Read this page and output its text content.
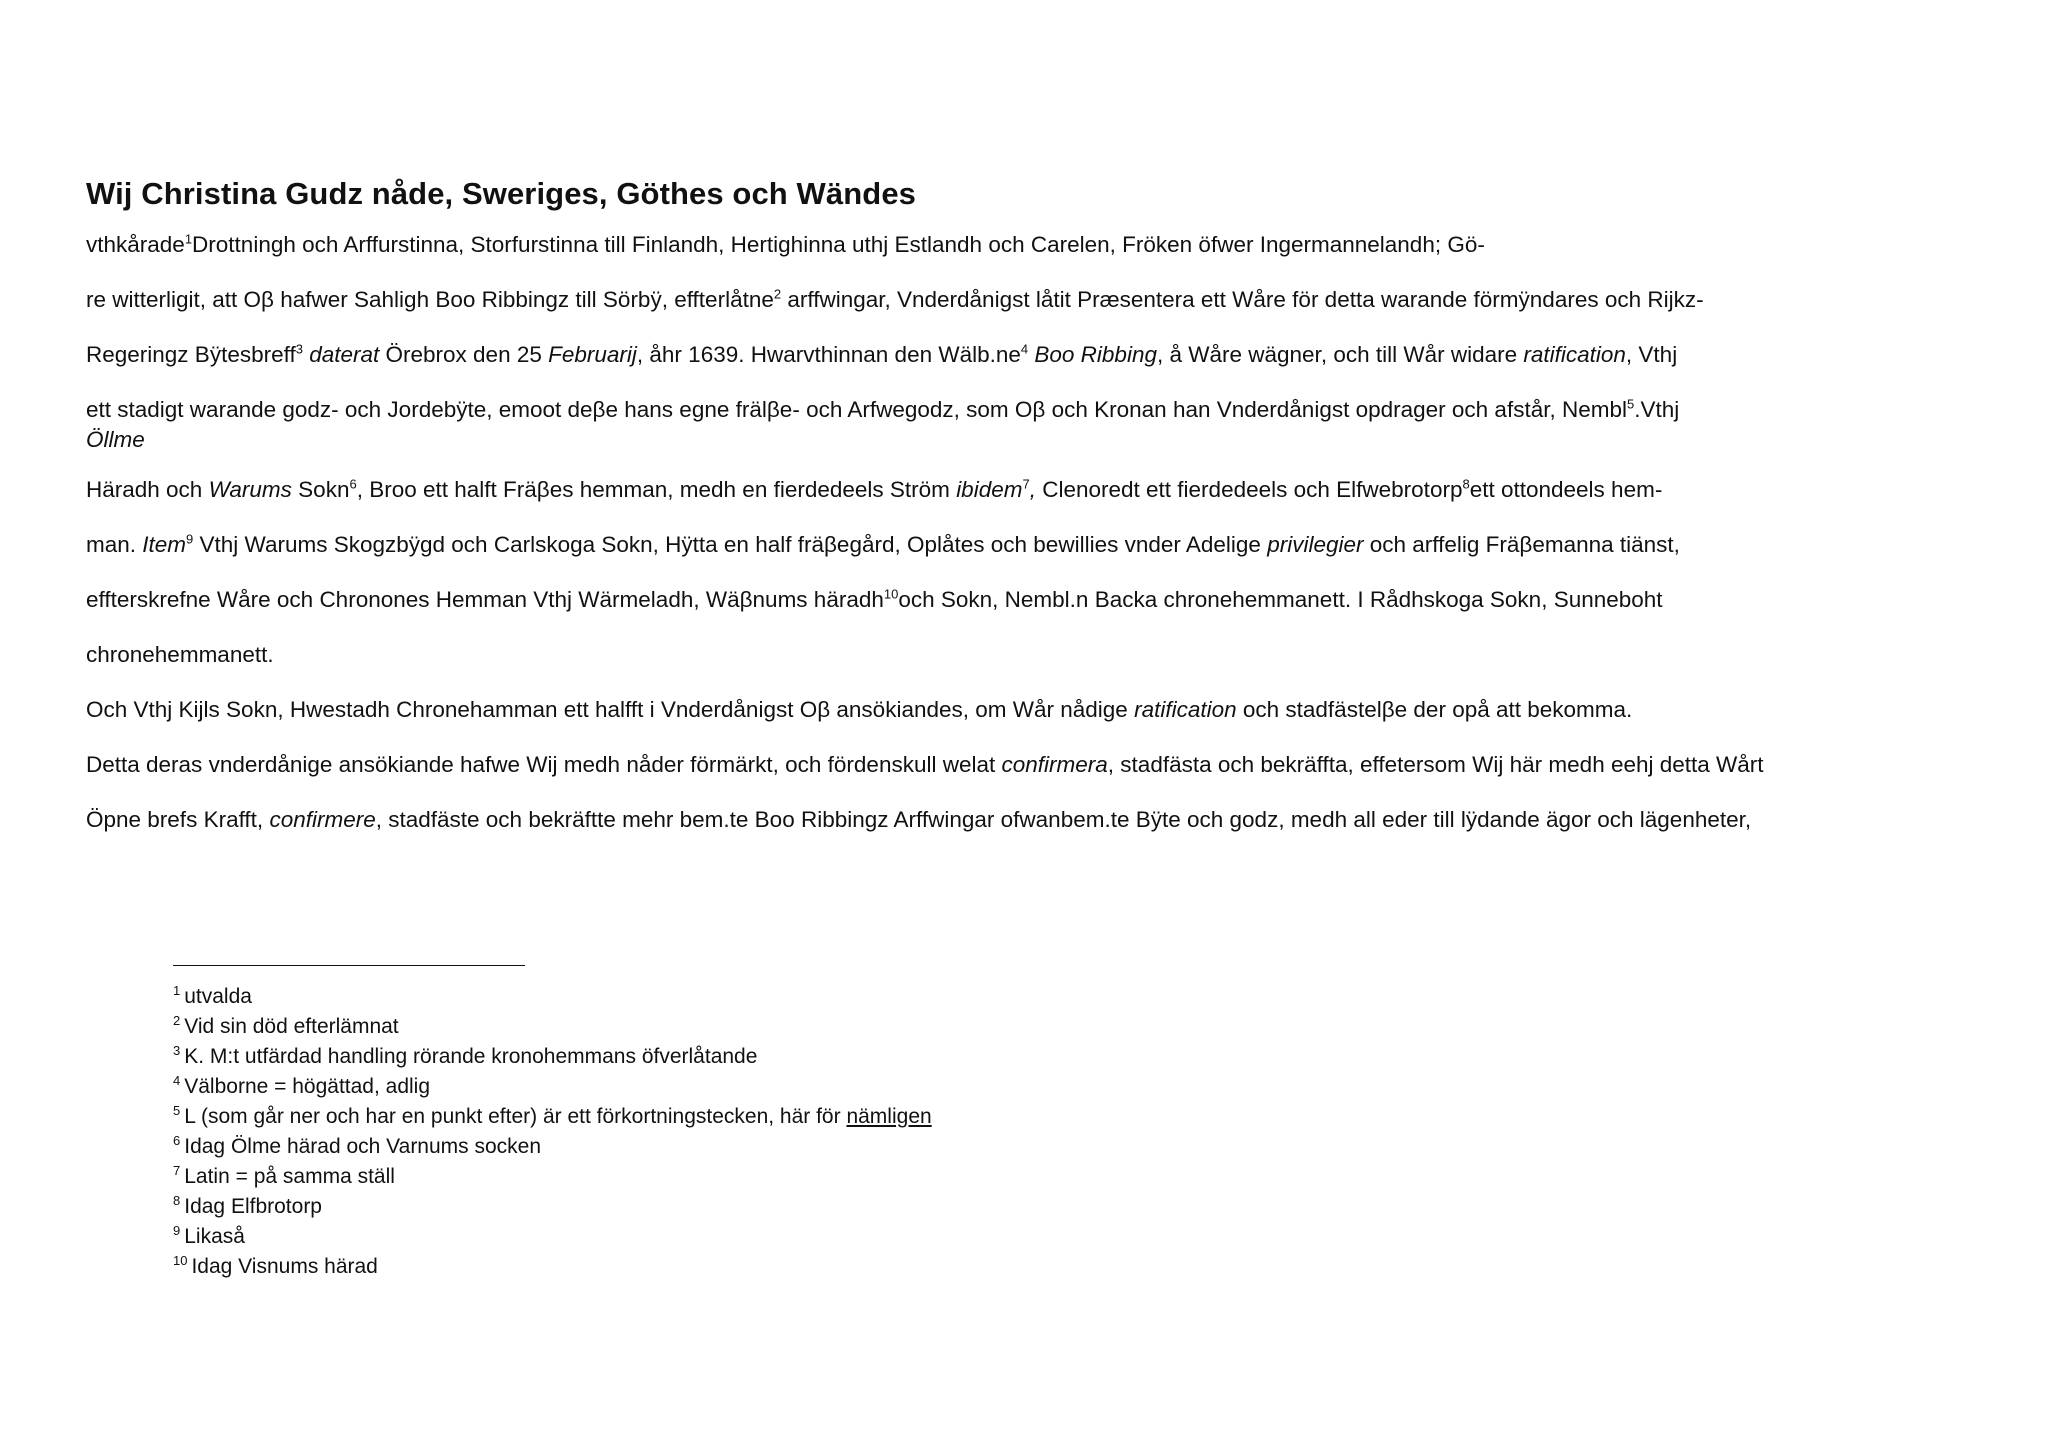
Wij Christina Gudz nåde, Sweriges, Göthes och Wändes
vthkårade$^1$Drottningh och Arffurstinna, Storfurstinna till Finlandh, Hertighinna uthj Estlandh och Carelen, Fröken öfwer Ingermannelandh; Gö-
re witterligit, att Oβ hafwer Sahligh Boo Ribbingz till Sörbÿ, effterlåtne$^2$ arffwingar, Vnderdånigst låtit Præsentera ett Wåre för detta warande förmÿndares och Rijkz-
Regeringz Bÿtesbreff$^3$ daterat Örebrox den 25 Februarij, åhr 1639. Hwarvthinnan den $Wälb.ne^4$ Boo Ribbing, å Wåre wägner, och till Wår widare ratification, Vthj
ett stadigt warande godz- och Jordebÿte, emoot deβe hans egne frälβe- och Arfwegodz, som Oβ och Kronan han Vnderdånigst opdrager och afstår, Nembl$^5$.Vthj
Öllme
Häradh och Warums Sokn$^6$, Broo ett halft Fräβes hemman, medh en fierdedeels Ström ibidem$^7$, Clenoredt ett fierdedeels och Elfwebrotorp$^8$ett ottondeels hem-
man. Item$^9$ Vthj Warums Skogzbÿgd och Carlskoga Sokn, Hÿtta en half fräβegård, Oplåtes och bewillies vnder Adelige privilegier och arffelig Fräβemanna tiänst,
effterskrefne Wåre och Chronones Hemman Vthj Wärmeladh, Wäβnums häradh$^{10}$och Sokn, Nembl.n Backa chronehemmanett. I Rådhskoga Sokn, Sunneboht
chronehemmanett.
Och Vthj Kijls Sokn, Hwestadh Chronehamman ett halfft i Vnderdånigst Oβ ansökiandes, om Wår nådige ratification och stadfästelβe der opå att bekomma.
Detta deras vnderdånige ansökiande hafwe Wij medh nåder förmärkt, och fördenskull welat confirmera, stadfästa och bekräffta, effetersom Wij här medh eehj detta Wårt
Öpne brefs Krafft, confirmere, stadfäste och bekräftte mehr bem.te Boo Ribbingz Arffwingar ofwanbem.te Bÿte och godz, medh all eder till lÿdande ägor och lägenheter,
$^1$ utvalda
$^2$ Vid sin död efterlämnat
$^3$ K. M:t utfärdad handling rörande kronohemmans öfverlåtande
$^4$ Välborne = högättad, adlig
$^5$ L (som går ner och har en punkt efter) är ett förkortningstecken, här för nämligen
$^6$ Idag Ölme härad och Varnums socken
$^7$ Latin = på samma ställ
$^8$ Idag Elfbrotorp
$^9$ Likaså
$^{10}$ Idag Visnums härad
